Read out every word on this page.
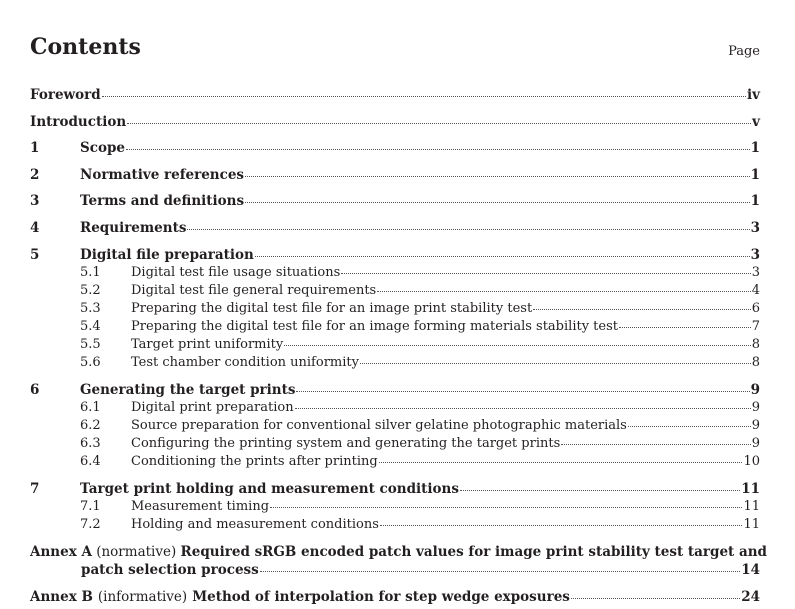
Contents	Page
Foreword	iv
Introduction	v
1	Scope	1
2	Normative references	1
3	Terms and definitions	1
4	Requirements	3
5	Digital file preparation	3
5.1	Digital test file usage situations	3
5.2	Digital test file general requirements	4
5.3	Preparing the digital test file for an image print stability test	6
5.4	Preparing the digital test file for an image forming materials stability test	7
5.5	Target print uniformity	8
5.6	Test chamber condition uniformity	8
6	Generating the target prints	9
6.1	Digital print preparation	9
6.2	Source preparation for conventional silver gelatine photographic materials	9
6.3	Configuring the printing system and generating the target prints	9
6.4	Conditioning the prints after printing	10
7	Target print holding and measurement conditions	11
7.1	Measurement timing	11
7.2	Holding and measurement conditions	11
Annex A (normative) Required sRGB encoded patch values for image print stability test target and
patch selection process	14
Annex B (informative) Method of interpolation for step wedge exposures	24
